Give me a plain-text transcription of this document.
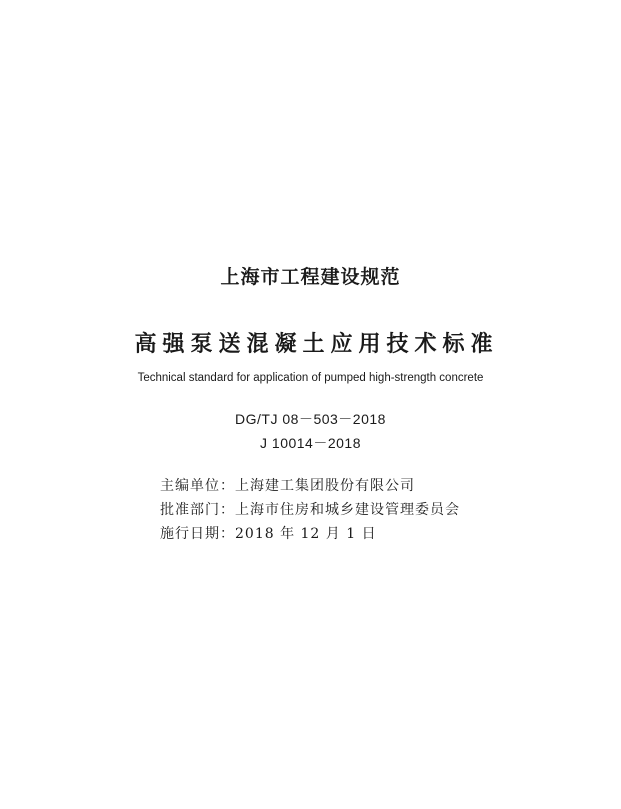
上海市工程建设规范
高强泵送混凝土应用技术标准
Technical standard for application of pumped high-strength concrete
DG/TJ 08－503－2018
J 10014－2018
主编单位：上海建工集团股份有限公司
批准部门：上海市住房和城乡建设管理委员会
施行日期：2018 年 12 月 1 日
